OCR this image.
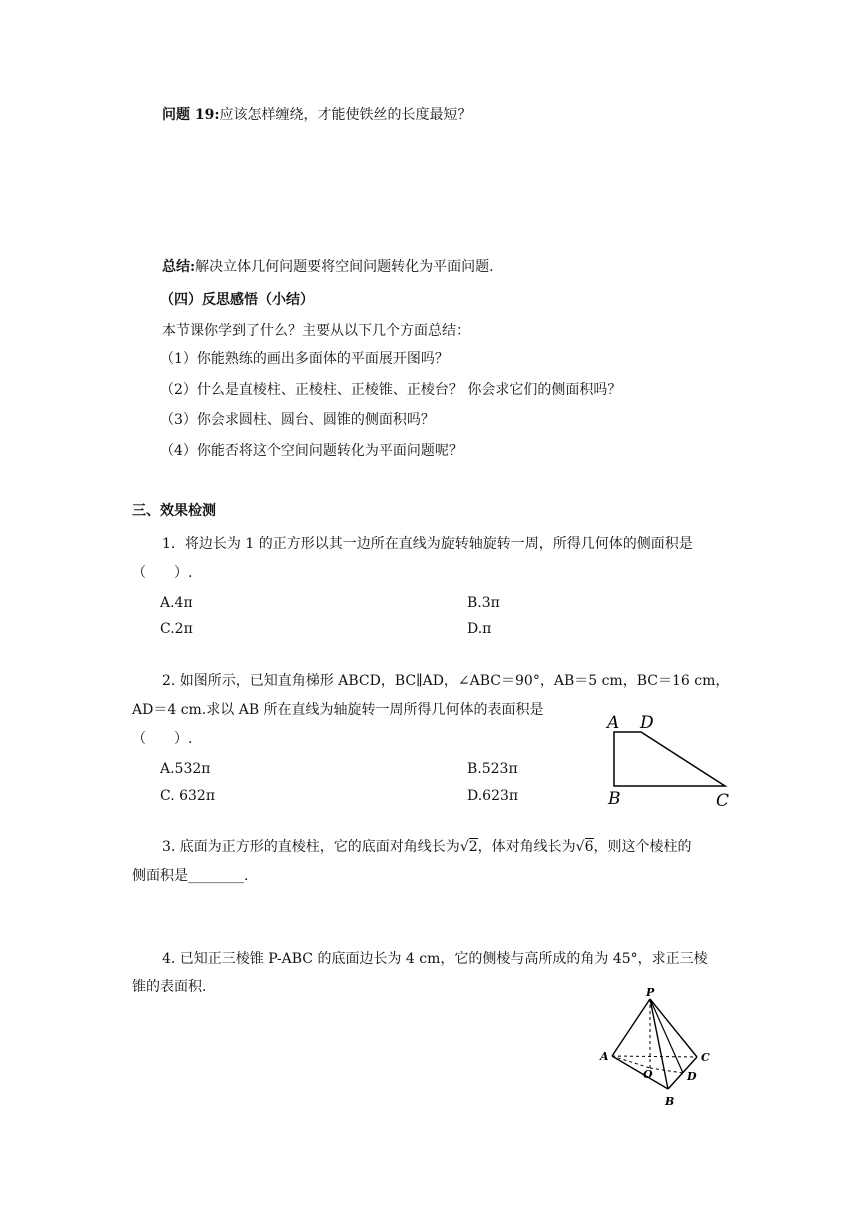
问题 19:应该怎样缠绕，才能使铁丝的长度最短？
总结:解决立体几何问题要将空间问题转化为平面问题.
（四）反思感悟（小结）
本节课你学到了什么？主要从以下几个方面总结：
（1）你能熟练的画出多面体的平面展开图吗？
（2）什么是直棱柱、正棱柱、正棱锥、正棱台？ 你会求它们的侧面积吗？
（3）你会求圆柱、圆台、圆锥的侧面积吗？
（4）你能否将这个空间问题转化为平面问题呢？
三、效果检测
1．将边长为 1 的正方形以其一边所在直线为旋转轴旋转一周，所得几何体的侧面积是
（　　）.
A.4π	B.3π
C.2π	D.π
2. 如图所示，已知直角梯形 ABCD，BC∥AD，∠ABC＝90°，AB＝5 cm，BC＝16 cm，
AD＝4 cm.求以 AB 所在直线为轴旋转一周所得几何体的表面积是
（　　）.
A.532π	B.523π
C. 632π	D.623π
A D
B	C
3. 底面为正方形的直棱柱，它的底面对角线长为√2，体对角线长为√6，则这个棱柱的
侧面积是________.
4. 已知正三棱锥 P-ABC 的底面边长为 4 cm，它的侧棱与高所成的角为 45°，求正三棱
锥的表面积.	P
A	C
O	D
B
